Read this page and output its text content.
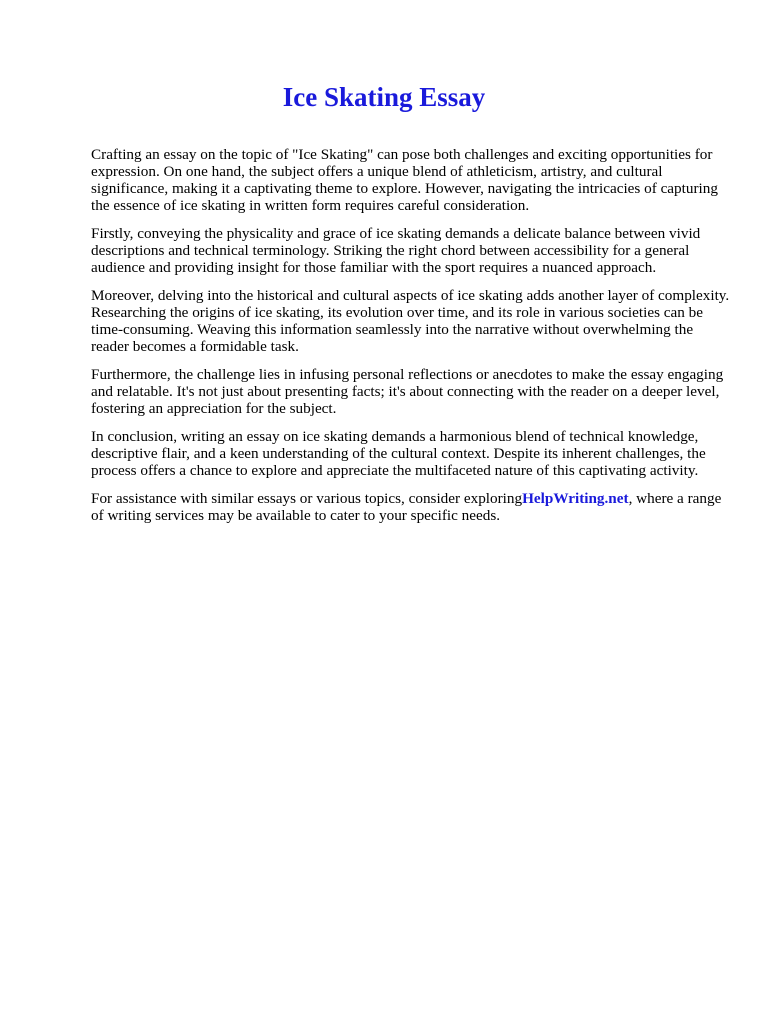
Ice Skating Essay

Crafting an essay on the topic of "Ice Skating" can pose both challenges and exciting opportunities for expression. On one hand, the subject offers a unique blend of athleticism, artistry, and cultural significance, making it a captivating theme to explore. However, navigating the intricacies of capturing the essence of ice skating in written form requires careful consideration.

Firstly, conveying the physicality and grace of ice skating demands a delicate balance between vivid descriptions and technical terminology. Striking the right chord between accessibility for a general audience and providing insight for those familiar with the sport requires a nuanced approach.

Moreover, delving into the historical and cultural aspects of ice skating adds another layer of complexity. Researching the origins of ice skating, its evolution over time, and its role in various societies can be time-consuming. Weaving this information seamlessly into the narrative without overwhelming the reader becomes a formidable task.

Furthermore, the challenge lies in infusing personal reflections or anecdotes to make the essay engaging and relatable. It's not just about presenting facts; it's about connecting with the reader on a deeper level, fostering an appreciation for the subject.

In conclusion, writing an essay on ice skating demands a harmonious blend of technical knowledge, descriptive flair, and a keen understanding of the cultural context. Despite its inherent challenges, the process offers a chance to explore and appreciate the multifaceted nature of this captivating activity.

For assistance with similar essays or various topics, consider exploringHelpWriting.net, where a range of writing services may be available to cater to your specific needs.
